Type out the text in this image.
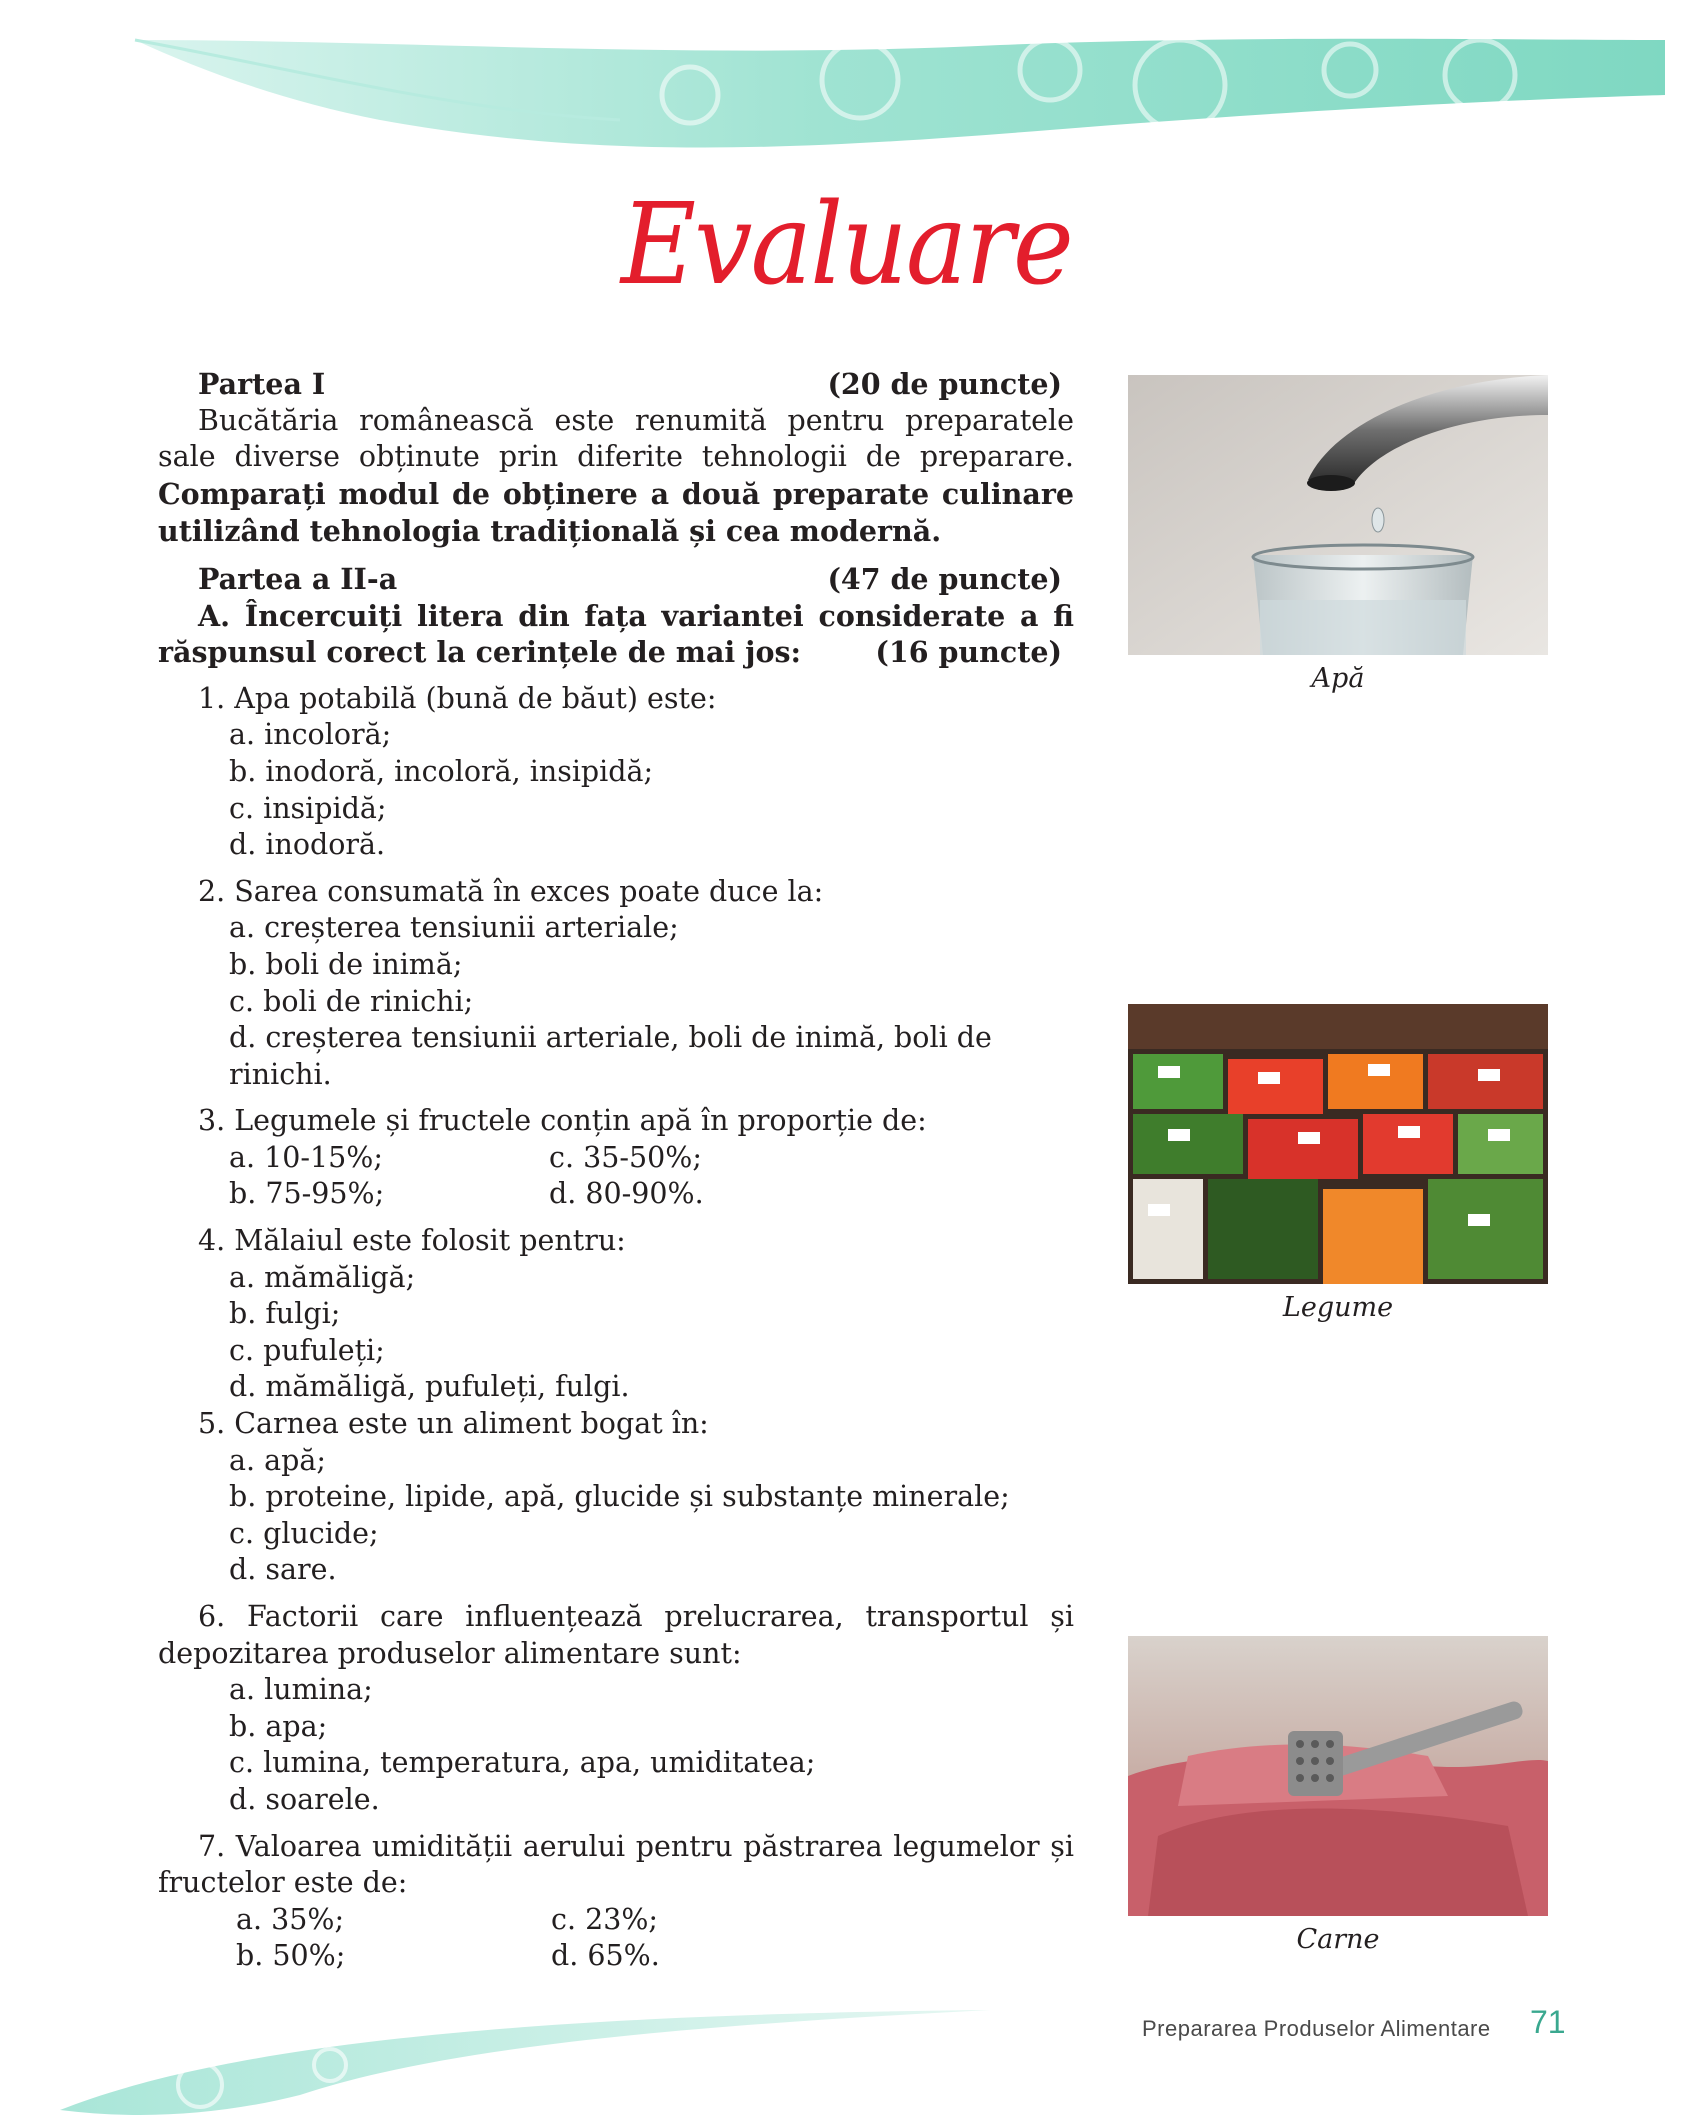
Evaluare
Partea I	(20 de puncte)

Bucătăria românească este renumită pentru preparatele sale diverse obținute prin diferite tehnologii de preparare. Comparați modul de obținere a două preparate culinare utilizând tehnologia tradițională și cea modernă.

Partea a II-a	(47 de puncte)

A. Încercuiți litera din fața variantei considerate a fi răspunsul corect la cerințele de mai jos:	(16 puncte)

1. Apa potabilă (bună de băut) este:

a. incoloră;

b. inodoră, incoloră, insipidă;

c. insipidă;

d. inodoră.

2. Sarea consumată în exces poate duce la:

a. creșterea tensiunii arteriale;

b. boli de inimă;

c. boli de rinichi;

d. creșterea tensiunii arteriale, boli de inimă, boli de rinichi.

3. Legumele și fructele conțin apă în proporție de:

a. 10-15%;	c. 35-50%;
b. 75-95%;	d. 80-90%.

4. Mălaiul este folosit pentru:

a. mămăligă;

b. fulgi;

c. pufuleți;

d. mămăligă, pufuleți, fulgi.

5. Carnea este un aliment bogat în:

a. apă;

b. proteine, lipide, apă, glucide și substanțe minerale;

c. glucide;

d. sare.

6. Factorii care influențează prelucrarea, transportul și depozitarea produselor alimentare sunt:

a. lumina;

b. apa;

c. lumina, temperatura, apa, umiditatea;

d. soarele.

7. Valoarea umidității aerului pentru păstrarea legumelor și fructelor este de:

a. 35%;	c. 23%;
b. 50%;	d. 65%.
Apă
Legume
Carne
Prepararea Produselor Alimentare 71
